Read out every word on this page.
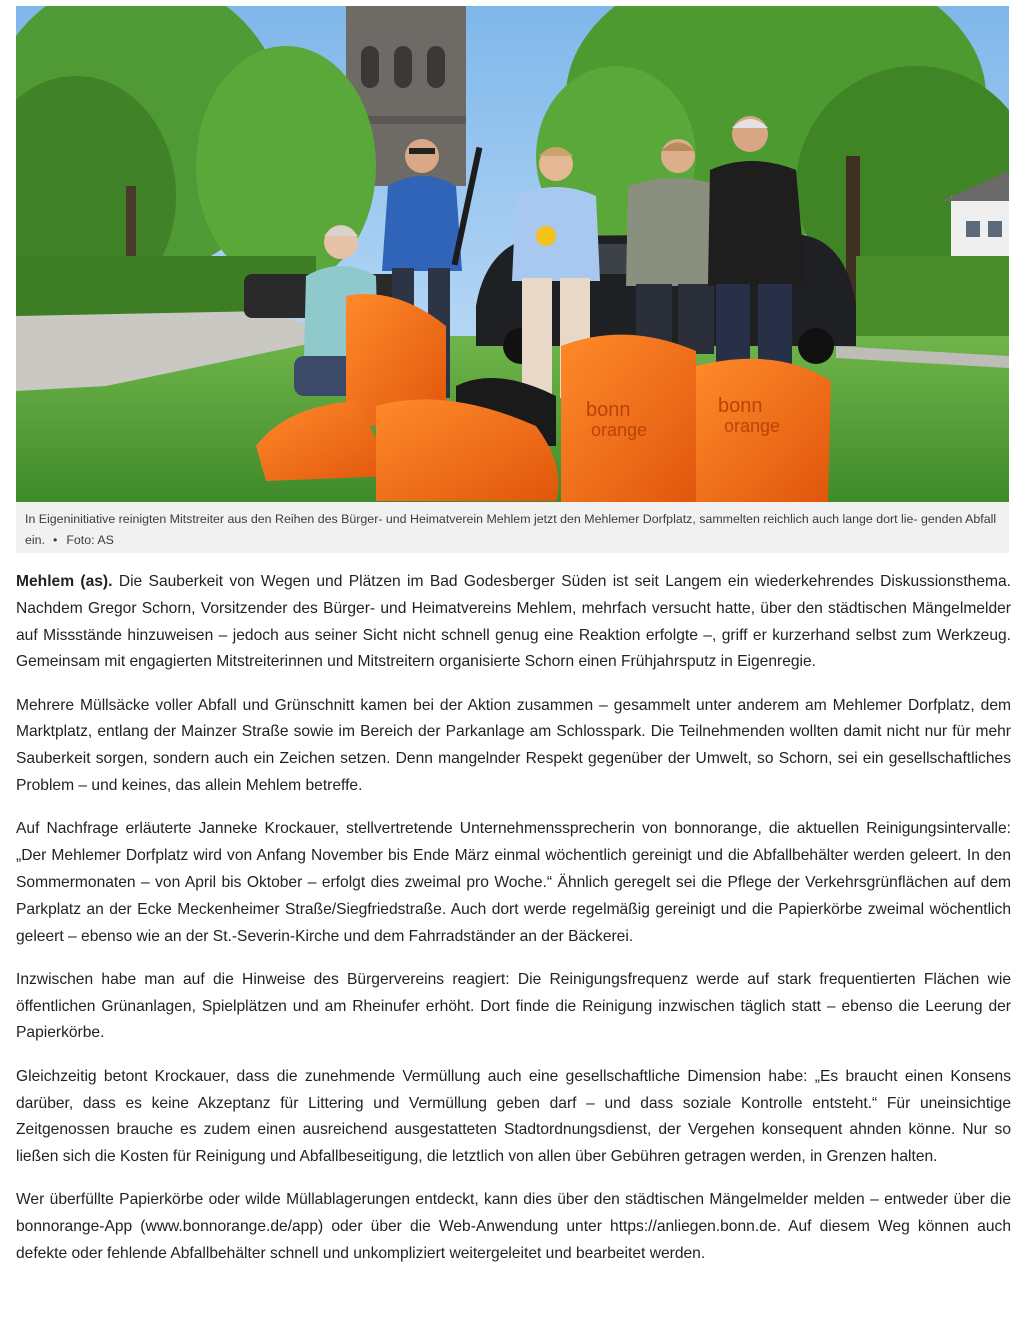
bonn
orange
bonn
orange
In Eigeninitiative reinigten Mitstreiter aus den Reihen des Bürger- und Heimatverein Mehlem jetzt den Mehlemer Dorfplatz, sammelten reichlich auch lange dort lie- genden Abfall ein. • Foto: AS

Mehlem (as). Die Sauberkeit von Wegen und Plätzen im Bad Godesberger Süden ist seit Langem ein wiederkehrendes Diskussionsthema. Nachdem Gregor Schorn, Vorsitzender des Bürger- und Heimatvereins Mehlem, mehrfach versucht hatte, über den städtischen Mängelmelder auf Missstände hinzuweisen – jedoch aus seiner Sicht nicht schnell genug eine Reaktion erfolgte –, griff er kurzerhand selbst zum Werkzeug. Gemeinsam mit engagierten Mitstreiterinnen und Mitstreitern organisierte Schorn einen Frühjahrsputz in Eigenregie.

Mehrere Müllsäcke voller Abfall und Grünschnitt kamen bei der Aktion zusammen – gesammelt unter anderem am Mehlemer Dorfplatz, dem Marktplatz, entlang der Mainzer Straße sowie im Bereich der Parkanlage am Schlosspark. Die Teilnehmenden wollten damit nicht nur für mehr Sauberkeit sorgen, sondern auch ein Zeichen setzen. Denn mangelnder Respekt gegenüber der Umwelt, so Schorn, sei ein gesellschaftliches Problem – und keines, das allein Mehlem betreffe.

Auf Nachfrage erläuterte Janneke Krockauer, stellvertretende Unternehmenssprecherin von bonnorange, die aktuellen Reinigungsintervalle: „Der Mehlemer Dorfplatz wird von Anfang November bis Ende März einmal wöchentlich gereinigt und die Abfallbehälter werden geleert. In den Sommermonaten – von April bis Oktober – erfolgt dies zweimal pro Woche.“ Ähnlich geregelt sei die Pflege der Verkehrsgrünflächen auf dem Parkplatz an der Ecke Meckenheimer Straße/Siegfriedstraße. Auch dort werde regelmäßig gereinigt und die Papierkörbe zweimal wöchentlich geleert – ebenso wie an der St.-Severin-Kirche und dem Fahrradständer an der Bäckerei.

Inzwischen habe man auf die Hinweise des Bürgervereins reagiert: Die Reinigungsfrequenz werde auf stark frequentierten Flächen wie öffentlichen Grünanlagen, Spielplätzen und am Rheinufer erhöht. Dort finde die Reinigung inzwischen täglich statt – ebenso die Leerung der Papierkörbe.

Gleichzeitig betont Krockauer, dass die zunehmende Vermüllung auch eine gesellschaftliche Dimension habe: „Es braucht einen Konsens darüber, dass es keine Akzeptanz für Littering und Vermüllung geben darf – und dass soziale Kontrolle entsteht.“ Für uneinsichtige Zeitgenossen brauche es zudem einen ausreichend ausgestatteten Stadtordnungsdienst, der Vergehen konsequent ahnden könne. Nur so ließen sich die Kosten für Reinigung und Abfallbeseitigung, die letztlich von allen über Gebühren getragen werden, in Grenzen halten.

Wer überfüllte Papierkörbe oder wilde Müllablagerungen entdeckt, kann dies über den städtischen Mängelmelder melden – entweder über die bonnorange-App (www.bonnorange.de/app) oder über die Web-Anwendung unter https://anliegen.bonn.de. Auf diesem Weg können auch defekte oder fehlende Abfallbehälter schnell und unkompliziert weitergeleitet und bearbeitet werden.
